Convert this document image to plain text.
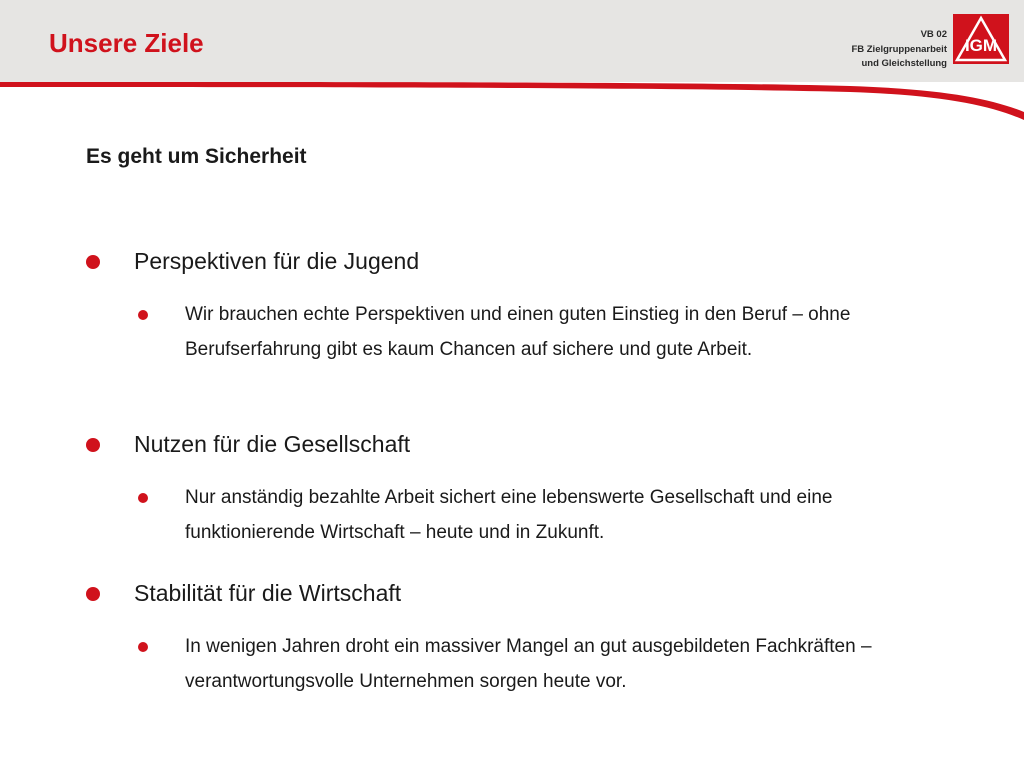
Unsere Ziele	VB 02
FB Zielgruppenarbeit
und Gleichstellung
IGM
Es geht um Sicherheit
Perspektiven für die Jugend
Wir brauchen echte Perspektiven und einen guten Einstieg in den Beruf – ohne Berufserfahrung gibt es kaum Chancen auf sichere und gute Arbeit.
Nutzen für die Gesellschaft
Nur anständig bezahlte Arbeit sichert eine lebenswerte Gesellschaft und eine funktionierende Wirtschaft – heute und in Zukunft.
Stabilität für die Wirtschaft
In wenigen Jahren droht ein massiver Mangel an gut ausgebildeten Fachkräften – verantwortungsvolle Unternehmen sorgen heute vor.
